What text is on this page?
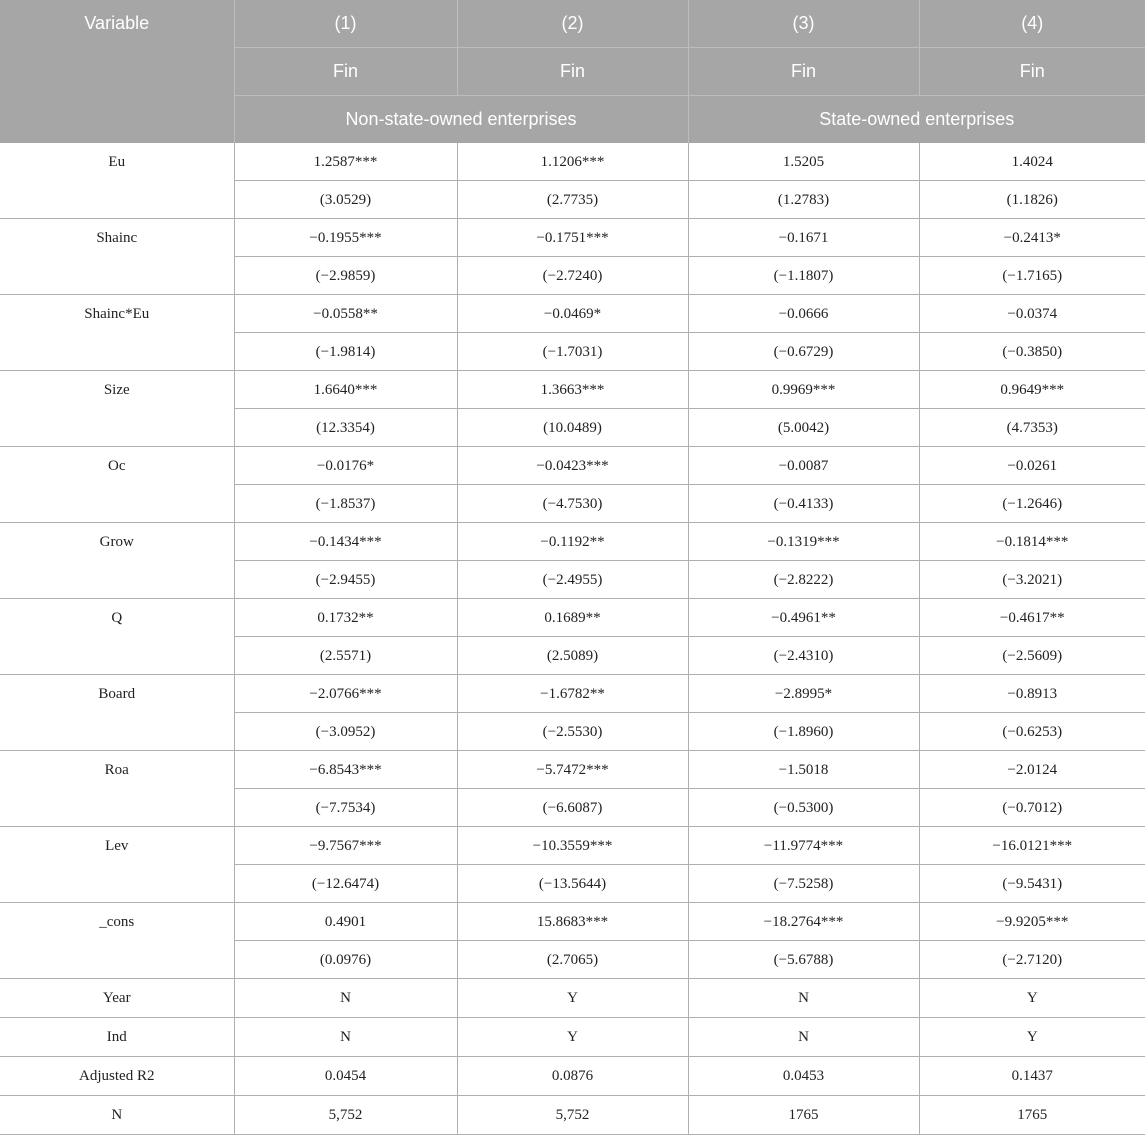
Variable	(1)	(2)	(3)	(4)
	Fin	Fin	Fin	Fin
	Non-state-owned enterprises		State-owned enterprises	
Eu	1.2587***	1.1206***	1.5205	1.4024
	(3.0529)	(2.7735)	(1.2783)	(1.1826)
Shainc	−0.1955***	−0.1751***	−0.1671	−0.2413*
	(−2.9859)	(−2.7240)	(−1.1807)	(−1.7165)
Shainc*Eu	−0.0558**	−0.0469*	−0.0666	−0.0374
	(−1.9814)	(−1.7031)	(−0.6729)	(−0.3850)
Size	1.6640***	1.3663***	0.9969***	0.9649***
	(12.3354)	(10.0489)	(5.0042)	(4.7353)
Oc	−0.0176*	−0.0423***	−0.0087	−0.0261
	(−1.8537)	(−4.7530)	(−0.4133)	(−1.2646)
Grow	−0.1434***	−0.1192**	−0.1319***	−0.1814***
	(−2.9455)	(−2.4955)	(−2.8222)	(−3.2021)
Q	0.1732**	0.1689**	−0.4961**	−0.4617**
	(2.5571)	(2.5089)	(−2.4310)	(−2.5609)
Board	−2.0766***	−1.6782**	−2.8995*	−0.8913
	(−3.0952)	(−2.5530)	(−1.8960)	(−0.6253)
Roa	−6.8543***	−5.7472***	−1.5018	−2.0124
	(−7.7534)	(−6.6087)	(−0.5300)	(−0.7012)
Lev	−9.7567***	−10.3559***	−11.9774***	−16.0121***
	(−12.6474)	(−13.5644)	(−7.5258)	(−9.5431)
_cons	0.4901	15.8683***	−18.2764***	−9.9205***
	(0.0976)	(2.7065)	(−5.6788)	(−2.7120)
Year	N	Y	N	Y
Ind	N	Y	N	Y
Adjusted R2	0.0454	0.0876	0.0453	0.1437
N	5,752	5,752	1765	1765
